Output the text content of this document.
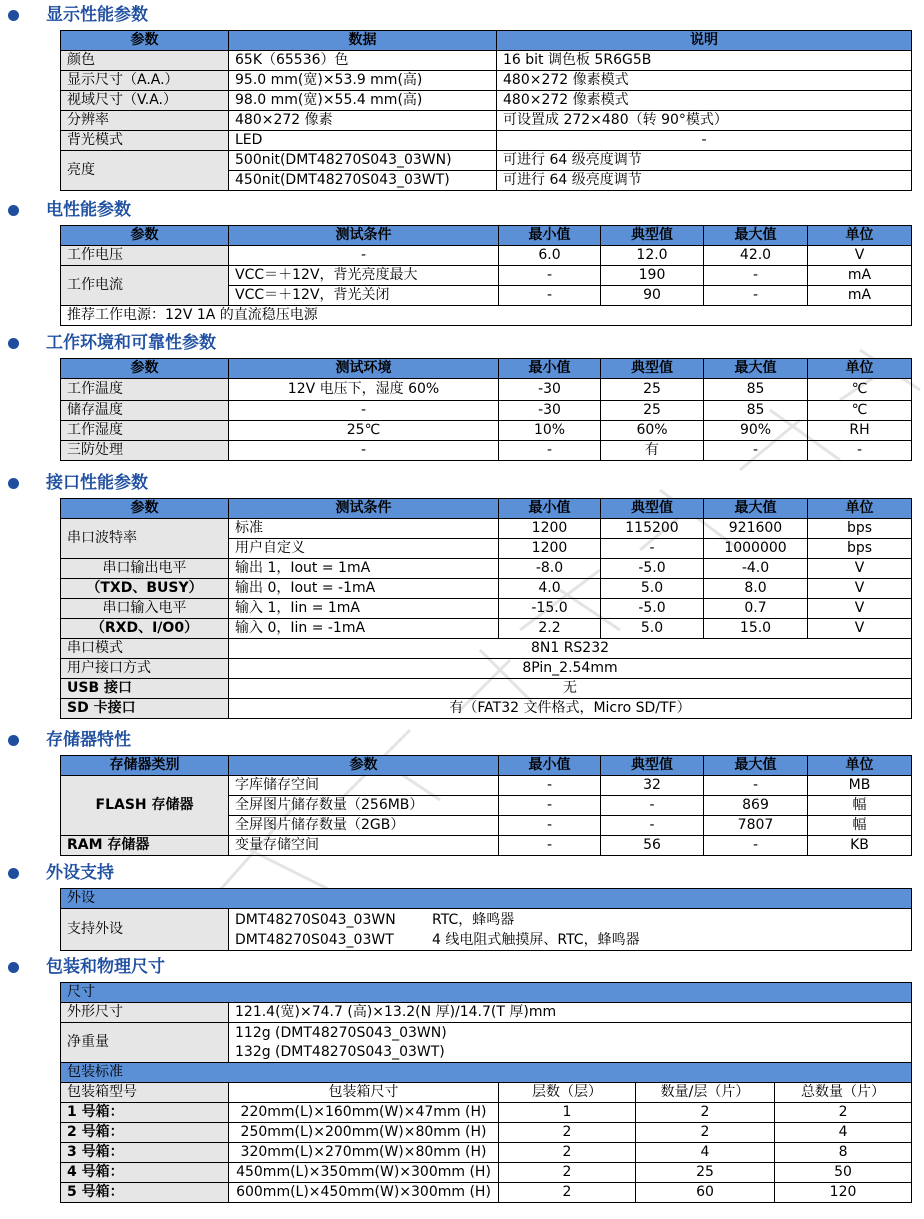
显示性能参数
参数	数据	说明
颜色	65K（65536）色	16 bit 调色板 5R6G5B
显示尺寸（A.A.）	95.0 mm(宽)×53.9 mm(高)	480×272 像素模式
视域尺寸（V.A.）	98.0 mm(宽)×55.4 mm(高)	480×272 像素模式
分辨率	480×272 像素	可设置成 272×480（转 90°模式）
背光模式	LED	-
亮度	500nit(DMT48270S043_03WN)	可进行 64 级亮度调节
	450nit(DMT48270S043_03WT)	可进行 64 级亮度调节
电性能参数
参数	测试条件	最小值	典型值	最大值	单位
工作电压	-	6.0	12.0	42.0	V
工作电流	VCC＝＋12V，背光亮度最大	-	190	-	mA
	VCC＝＋12V，背光关闭	-	90	-	mA
推荐工作电源：12V 1A 的直流稳压电源					
工作环境和可靠性参数
参数	测试环境	最小值	典型值	最大值	单位
工作温度	12V 电压下，湿度 60%	-30	25	85	℃
储存温度	-	-30	25	85	℃
工作湿度	25℃	10%	60%	90%	RH
三防处理	-	-	有	-	-
接口性能参数
参数	测试条件	最小值	典型值	最大值	单位
串口波特率	标准	1200	115200	921600	bps
	用户自定义	1200	-	1000000	bps
串口输出电平	输出 1，Iout = 1mA	-8.0	-5.0	-4.0	V
（TXD、BUSY）	输出 0，Iout = -1mA	4.0	5.0	8.0	V
串口输入电平	输入 1，Iin = 1mA	-15.0	-5.0	0.7	V
（RXD、I/O0）	输入 0，Iin = -1mA	2.2	5.0	15.0	V
串口模式	8N1 RS232				
用户接口方式	8Pin_2.54mm				
USB 接口	无				
SD 卡接口	有（FAT32 文件格式，Micro SD/TF）				
存储器特性
存储器类别	参数	最小值	典型值	最大值	单位
FLASH 存储器	字库储存空间	-	32	-	MB
	全屏图片储存数量（256MB）	-	-	869	幅
	全屏图片储存数量（2GB）	-	-	7807	幅
RAM 存储器	变量存储空间	-	56	-	KB
外设支持
外设
支持外设	
DMT48270S043_03WN	RTC，蜂鸣器
DMT48270S043_03WT	4 线电阻式触摸屏、RTC，蜂鸣器
包装和物理尺寸
尺寸				
外形尺寸	121.4(宽)×74.7 (高)×13.2(N 厚)/14.7(T 厚)mm			
净重量	112g (DMT48270S043_03WN)
132g (DMT48270S043_03WT)			

包装标准				
包装箱型号	包装箱尺寸	层数（层）	数量/层（片）	总数量（片）
1 号箱：	220mm(L)×160mm(W)×47mm (H)	1	2	2
2 号箱：	250mm(L)×200mm(W)×80mm (H)	2	2	4
3 号箱：	320mm(L)×270mm(W)×80mm (H)	2	4	8
4 号箱：	450mm(L)×350mm(W)×300mm (H)	2	25	50
5 号箱：	600mm(L)×450mm(W)×300mm (H)	2	60	120
